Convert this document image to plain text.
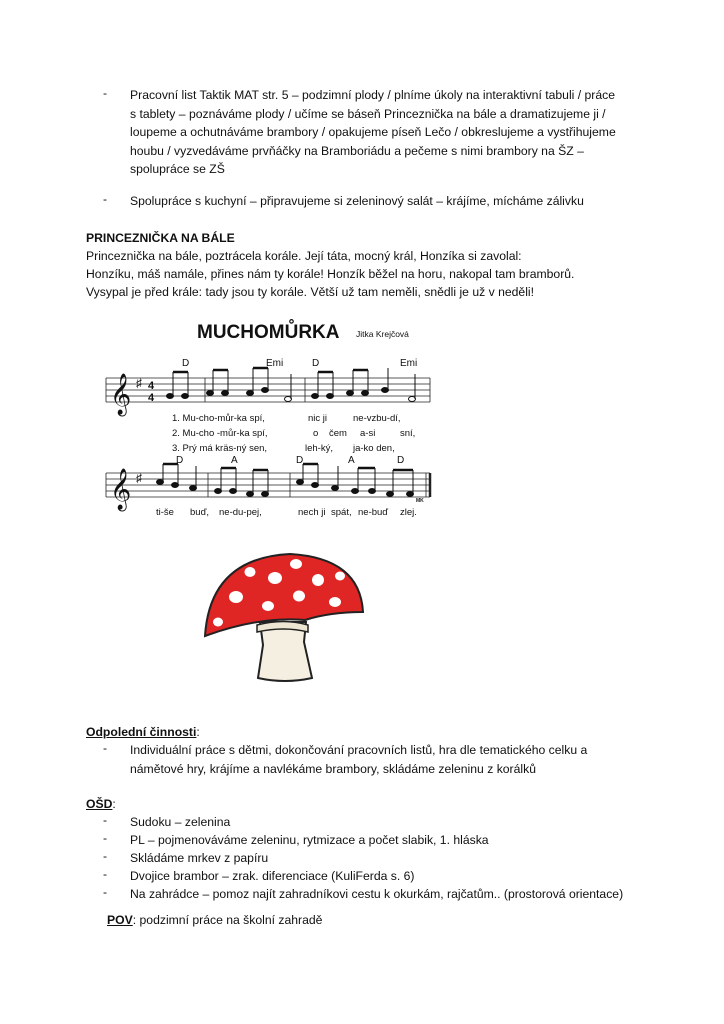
- Pracovní list Taktik MAT str. 5 – podzimní plody / plníme úkoly na interaktivní tabuli / práce
s tablety – poznáváme plody / učíme se báseň Princeznička na bále a dramatizujeme ji /
loupeme a ochutnáváme brambory / opakujeme píseň Lečo / obkreslujeme a vystřihujeme
houbu / vyzvedáváme prvňáčky na Bramboriádu a pečeme s nimi brambory na ŠZ –
spolupráce se ZŠ
- Spolupráce s kuchyní – připravujeme si zeleninový salát – krájíme, mícháme zálivku
PRINCEZNIČKA NA BÁLE
Princeznička na bále, poztrácela korále. Její táta, mocný král, Honzíka si zavolal:
Honzíku, máš namále, přines nám ty korále! Honzík běžel na horu, nakopal tam bramborů.
Vysypal je před krále: tady jsou ty korále. Větší už tam neměli, snědli je už v neděli!
MUCHOMŮRKA Jitka Krejčová
𝄞 ♯ 4
4
D	Emi	D	Emi
1. Mu-cho-můr-ka spí,	nic ji	ne-vzbu-dí,
2. Mu-cho -můr-ka spí,	o čem a-si	sní,
3. Prý má kräs-ný sen,	leh-ký, ja-ko den,
𝄞 ♯
D	A	D	A	D
MK
ti-še buď, ne-du-pej,	nech ji spát, ne-buď zlej.
Odpolední činnosti:
- Individuální práce s dětmi, dokončování pracovních listů, hra dle tematického celku a
námětové hry, krájíme a navlékáme brambory, skládáme zeleninu z korálků
OŠD:
- Sudoku – zelenina
- PL – pojmenováváme zeleninu, rytmizace a počet slabik, 1. hláska
- Skládáme mrkev z papíru
- Dvojice brambor – zrak. diferenciace (KuliFerda s. 6)
- Na zahrádce – pomoz najít zahradníkovi cestu k okurkám, rajčatům.. (prostorová orientace)
POV: podzimní práce na školní zahradě
